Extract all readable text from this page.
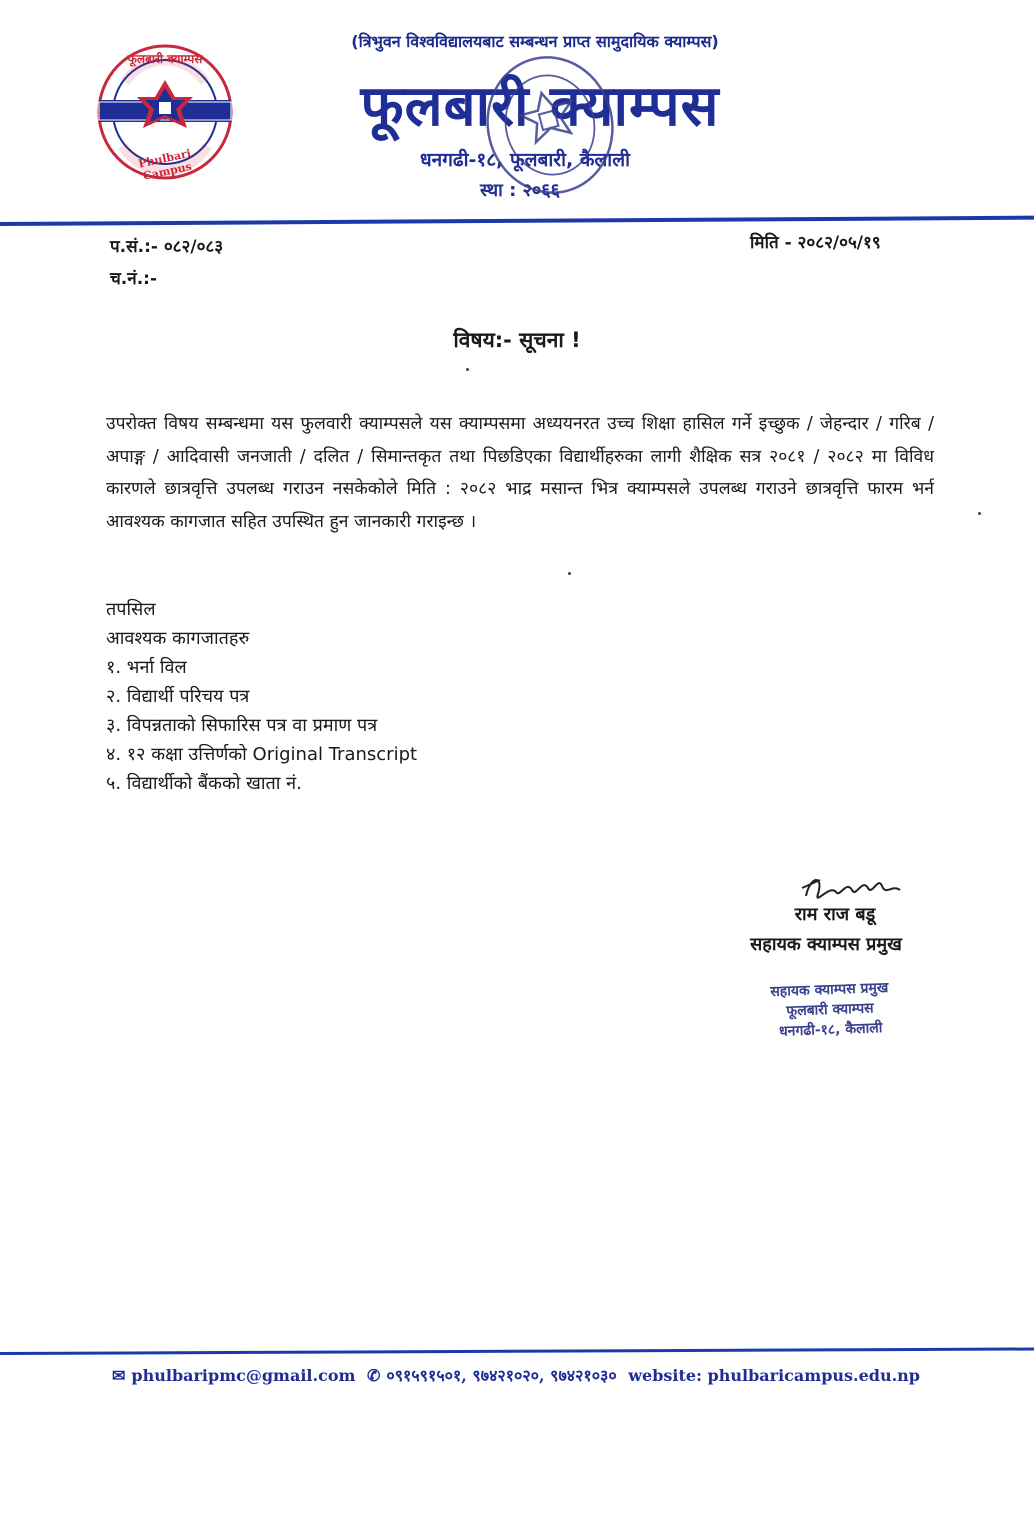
फूलबारी क्याम्पस
Phulbari Campus
(त्रिभुवन विश्वविद्यालयबाट सम्बन्धन प्राप्त सामुदायिक क्याम्पस)
फूलबारी क्याम्पस
धनगढी-१८, फूलबारी, कैलाली
स्था : २०६६
प.सं.:- ०८२/०८३
च.नं.:-
मिति - २०८२/०५/१९
विषय:- सूचना !
उपरोक्त विषय सम्बन्धमा यस फुलवारी क्याम्पसले यस क्याम्पसमा अध्ययनरत उच्च शिक्षा हासिल गर्ने इच्छुक / जेहन्दार / गरिब / अपाङ्ग / आदिवासी जनजाती / दलित / सिमान्तकृत तथा पिछडिएका विद्यार्थीहरुका लागी शैक्षिक सत्र २०८१ / २०८२ मा विविध कारणले छात्रवृत्ति उपलब्ध गराउन नसकेकोले मिति : २०८२ भाद्र मसान्त भित्र क्याम्पसले उपलब्ध गराउने छात्रवृत्ति फारम भर्न आवश्यक कागजात सहित उपस्थित हुन जानकारी गराइन्छ ।
तपसिल
आवश्यक कागजातहरु
१. भर्ना विल
२. विद्यार्थी परिचय पत्र
३. विपन्नताको सिफारिस पत्र वा प्रमाण पत्र
४. १२ कक्षा उत्तिर्णको Original Transcript
५. विद्यार्थीको बैंकको खाता नं.
राम राज बडू
सहायक क्याम्पस प्रमुख
सहायक क्याम्पस प्रमुख
फूलबारी क्याम्पस
धनगढी-१८, कैलाली
✉ phulbaripmc@gmail.com ✆ ०९१५९१५०१, ९७४२१०२०, ९७४२१०३० website: phulbaricampus.edu.np
